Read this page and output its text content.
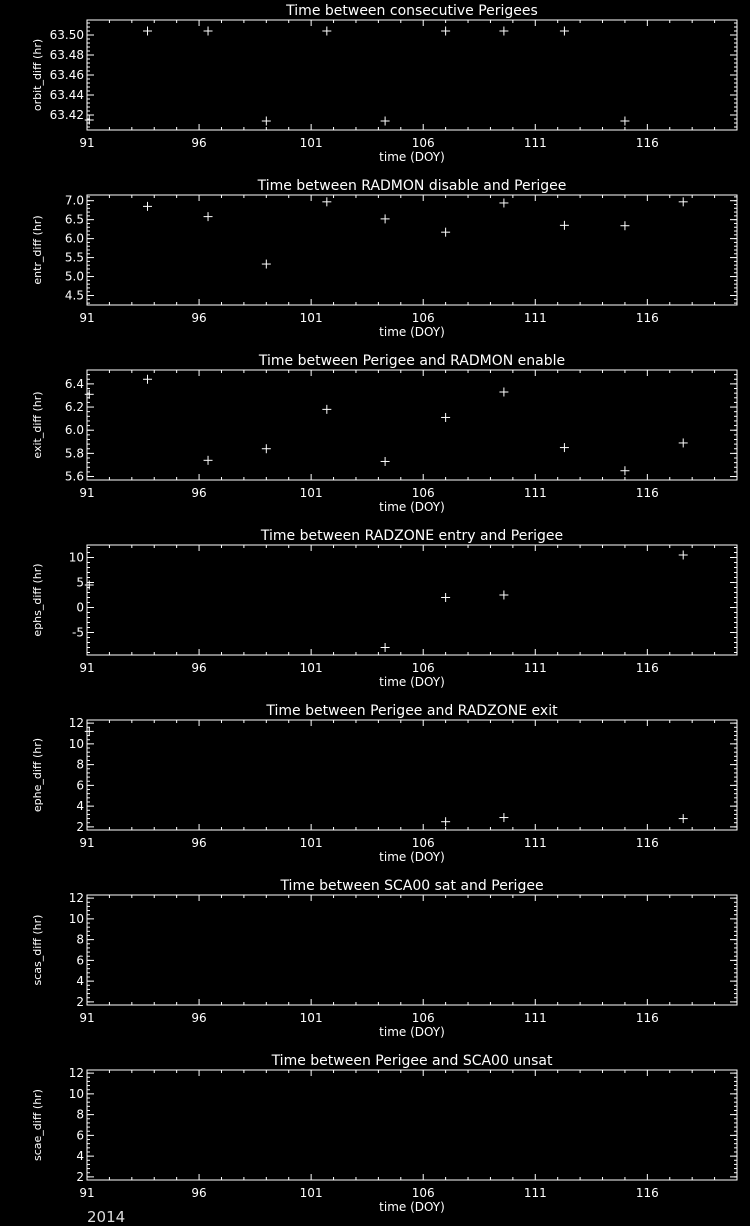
Time between consecutive Perigees
91	96	101	106	111	116
time (DOY)
63.42
63.44
63.46
63.48
63.50
orbit_diff (hr)
Time between RADMON disable and Perigee
91	96	101	106	111	116
time (DOY)
4.5
5.0
5.5
6.0
6.5
7.0
entr_diff (hr)
Time between Perigee and RADMON enable
91	96	101	106	111	116
time (DOY)
5.6
5.8
6.0
6.2
6.4
exit_diff (hr)
Time between RADZONE entry and Perigee
91	96	101	106	111	116
time (DOY)
-5
0
5
10
ephs_diff (hr)
Time between Perigee and RADZONE exit
91	96	101	106	111	116
time (DOY)
2
4
6
8
10
12
ephe_diff (hr)
Time between SCA00 sat and Perigee
91	96	101	106	111	116
time (DOY)
2
4
6
8
10
12
scas_diff (hr)
Time between Perigee and SCA00 unsat
91	96	101	106	111	116
time (DOY)
2
4
6
8
10
12
scae_diff (hr)
2014
